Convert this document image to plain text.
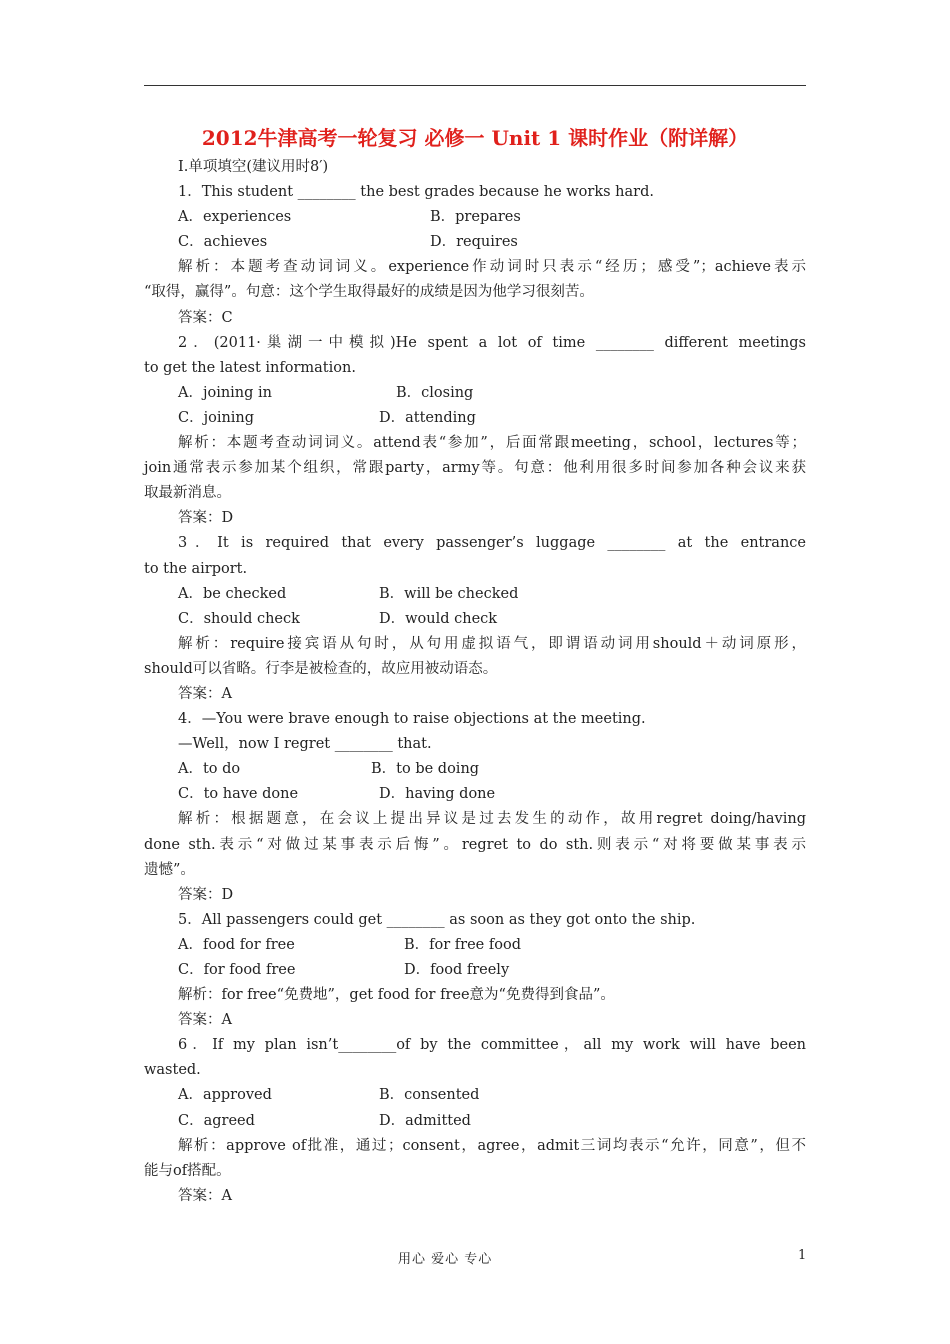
2012牛津高考一轮复习 必修一 Unit 1 课时作业（附详解）
Ⅰ.单项填空(建议用时8′)
1．This student ________ the best grades because he works hard.
A．experiences	B．prepares
C．achieves	D．requires
解析：本题考查动词词义。experience作动词时只表示“经历；感受”；achieve表示
“取得，赢得”。句意：这个学生取得最好的成绩是因为他学习很刻苦。
答案：C
2．(2011·巢湖一中模拟)He spent a lot of time ________ different meetings
to get the latest information.
A．joining in	B．closing
C．joining	D．attending
解析：本题考查动词词义。attend表“参加”，后面常跟meeting，school，lectures等；
join通常表示参加某个组织，常跟party，army等。句意：他利用很多时间参加各种会议来获
取最新消息。
答案：D
3．It is required that every passenger’s luggage ________ at the entrance
to the airport.
A．be checked	B．will be checked
C．should check	D．would check
解析：require接宾语从句时，从句用虚拟语气，即谓语动词用should＋动词原形，
should可以省略。行李是被检查的，故应用被动语态。
答案：A
4．—You were brave enough to raise objections at the meeting.
—Well，now I regret ________ that.
A．to do	B．to be doing
C．to have done	D．having done
解析：根据题意，在会议上提出异议是过去发生的动作，故用regret doing/having
done sth.表示“对做过某事表示后悔”。regret to do sth.则表示“对将要做某事表示
遗憾”。
答案：D
5．All passengers could get ________ as soon as they got onto the ship.
A．food for free	B．for free food
C．for food free	D．food freely
解析：for free“免费地”，get food for free意为“免费得到食品”。
答案：A
6．If my plan isn’t________of by the committee，all my work will have been
wasted.
A．approved	B．consented
C．agreed	D．admitted
解析：approve of批准，通过；consent，agree，admit三词均表示“允许，同意”，但不
能与of搭配。
答案：A
用心 爱心 专心	1
